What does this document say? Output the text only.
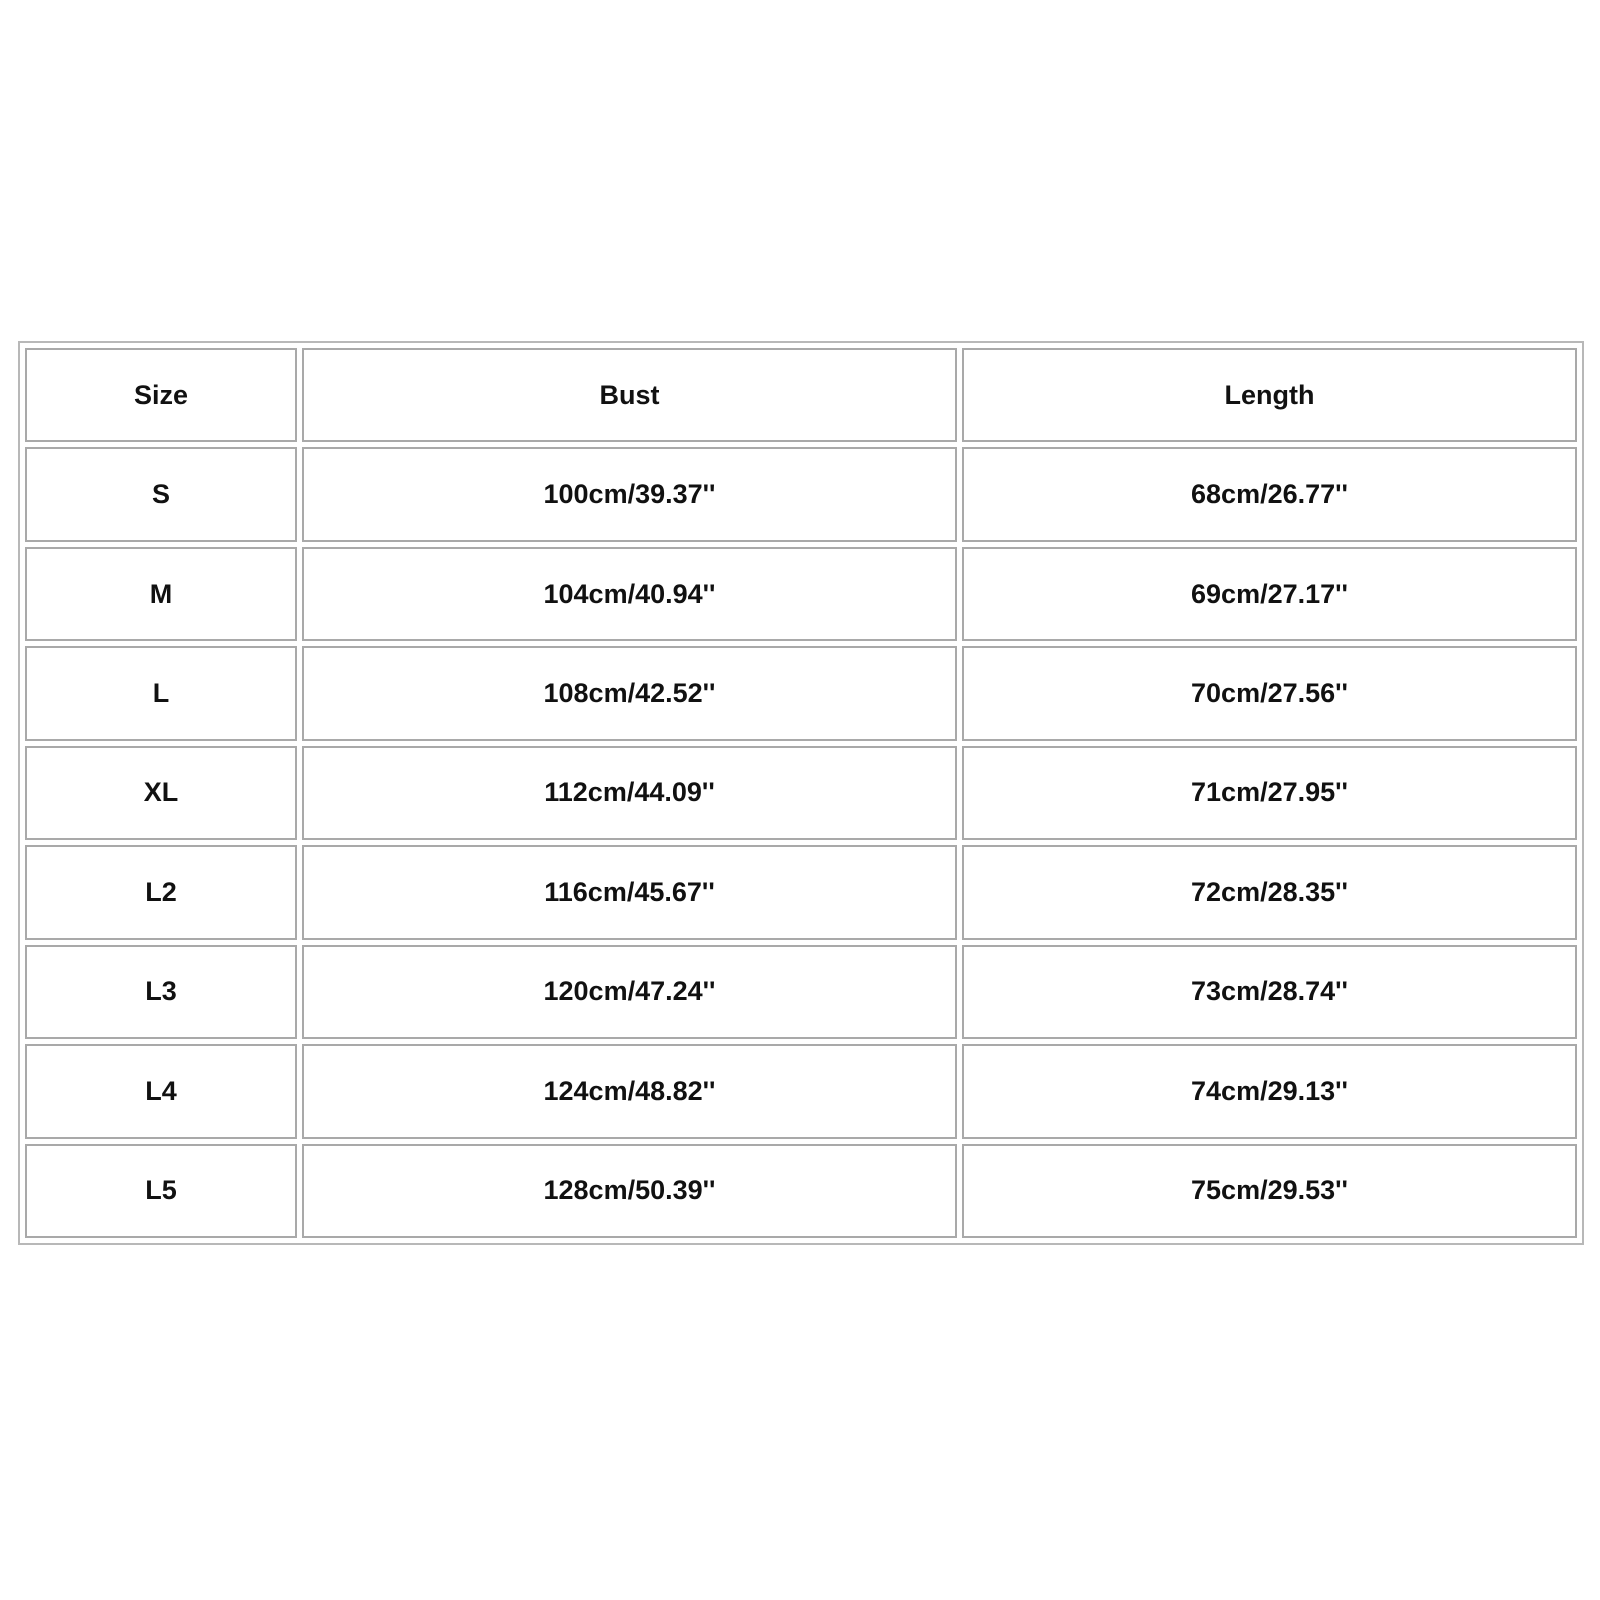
Size	Bust	Length
S	100cm/39.37''	68cm/26.77''
M	104cm/40.94''	69cm/27.17''
L	108cm/42.52''	70cm/27.56''
XL	112cm/44.09''	71cm/27.95''
L2	116cm/45.67''	72cm/28.35''
L3	120cm/47.24''	73cm/28.74''
L4	124cm/48.82''	74cm/29.13''
L5	128cm/50.39''	75cm/29.53''
